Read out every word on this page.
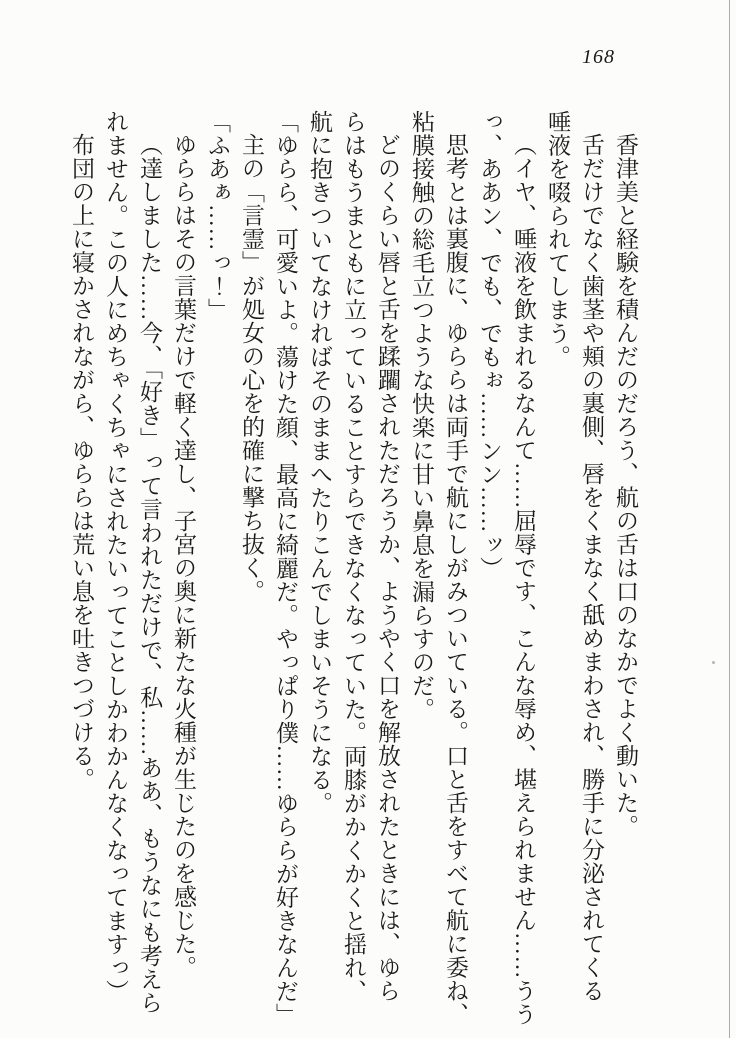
168
香津美と経験を積んだのだろう、航の舌は口のなかでよく動いた。
舌だけでなく歯茎や頬の裏側、唇をくまなく舐めまわされ、勝手に分泌されてくる
唾液を啜られてしまう。
（イヤ、唾液を飲まれるなんて……屈辱です、こんな辱め、堪えられません……うう
っ、ああン、でも、でもぉ……ンン……ッ）
思考とは裏腹に、ゆららは両手で航にしがみついている。口と舌をすべて航に委ね、
粘膜接触の総毛立つような快楽に甘い鼻息を漏らすのだ。
どのくらい唇と舌を蹂躙されただろうか、ようやく口を解放されたときには、ゆら
らはもうまともに立っていることすらできなくなっていた。両膝がかくかくと揺れ、
航に抱きついてなければそのままへたりこんでしまいそうになる。
「ゆらら、可愛いよ。蕩けた顔、最高に綺麗だ。やっぱり僕……ゆららが好きなんだ」
主の「言霊」が処女の心を的確に撃ち抜く。
「ふあぁ……っ！」
ゆららはその言葉だけで軽く達し、子宮の奥に新たな火種が生じたのを感じた。
（達しました……今、「好き」って言われただけで、私……ああ、もうなにも考えら
れません。この人にめちゃくちゃにされたいってことしかわかんなくなってますっ）
布団の上に寝かされながら、ゆららは荒い息を吐きつづける。
